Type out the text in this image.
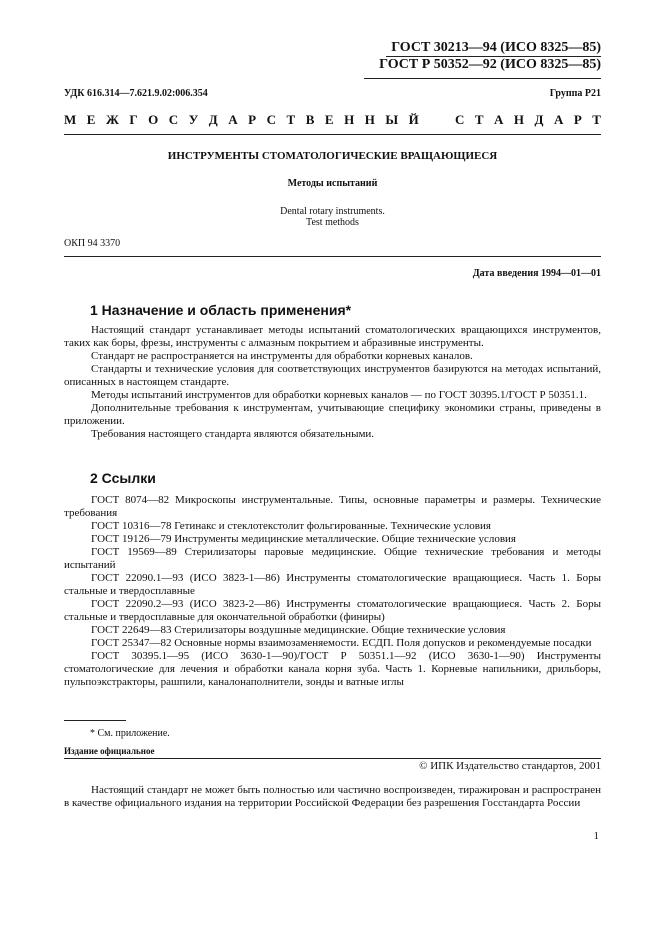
ГОСТ 30213—94 (ИСО 8325—85)
ГОСТ Р 50352—92 (ИСО 8325—85)
УДК 616.314—7.621.9.02:006.354	Группа Р21
М Е Ж Г О С У Д А Р С Т В Е Н Н Ы Й	С Т А Н Д А Р Т
ИНСТРУМЕНТЫ СТОМАТОЛОГИЧЕСКИЕ ВРАЩАЮЩИЕСЯ
Методы испытаний
Dental rotary instruments.
Test methods
ОКП 94 3370
Дата введения 1994—01—01
1 Назначение и область применения*

Настоящий стандарт устанавливает методы испытаний стоматологических вращающихся инструментов, таких как боры, фрезы, инструменты с алмазным покрытием и абразивные инструменты.

Стандарт не распространяется на инструменты для обработки корневых каналов.

Стандарты и технические условия для соответствующих инструментов базируются на методах испытаний, описанных в настоящем стандарте.

Методы испытаний инструментов для обработки корневых каналов — по ГОСТ 30395.1/ГОСТ Р 50351.1.

Дополнительные требования к инструментам, учитывающие специфику экономики страны, приведены в приложении.

Требования настоящего стандарта являются обязательными.

2 Ссылки

ГОСТ 8074—82 Микроскопы инструментальные. Типы, основные параметры и размеры. Технические требования

ГОСТ 10316—78 Гетинакс и стеклотекстолит фольгированные. Технические условия

ГОСТ 19126—79 Инструменты медицинские металлические. Общие технические условия

ГОСТ 19569—89 Стерилизаторы паровые медицинские. Общие технические требования и методы испытаний

ГОСТ 22090.1—93 (ИСО 3823-1—86) Инструменты стоматологические вращающиеся. Часть 1. Боры стальные и твердосплавные

ГОСТ 22090.2—93 (ИСО 3823-2—86) Инструменты стоматологические вращающиеся. Часть 2. Боры стальные и твердосплавные для окончательной обработки (финиры)

ГОСТ 22649—83 Стерилизаторы воздушные медицинские. Общие технические условия

ГОСТ 25347—82 Основные нормы взаимозаменяемости. ЕСДП. Поля допусков и рекомендуемые посадки

ГОСТ 30395.1—95 (ИСО 3630-1—90)/ГОСТ Р 50351.1—92 (ИСО 3630-1—90) Инструменты стоматологические для лечения и обработки канала корня зуба. Часть 1. Корневые напильники, дрильборы, пульпоэкстракторы, рашпили, каналонаполнители, зонды и ватные иглы

* См. приложение.
Издание официальное
© ИПК Издательство стандартов, 2001

Настоящий стандарт не может быть полностью или частично воспроизведен, тиражирован и распространен в качестве официального издания на территории Российской Федерации без разрешения Госстандарта России

1
